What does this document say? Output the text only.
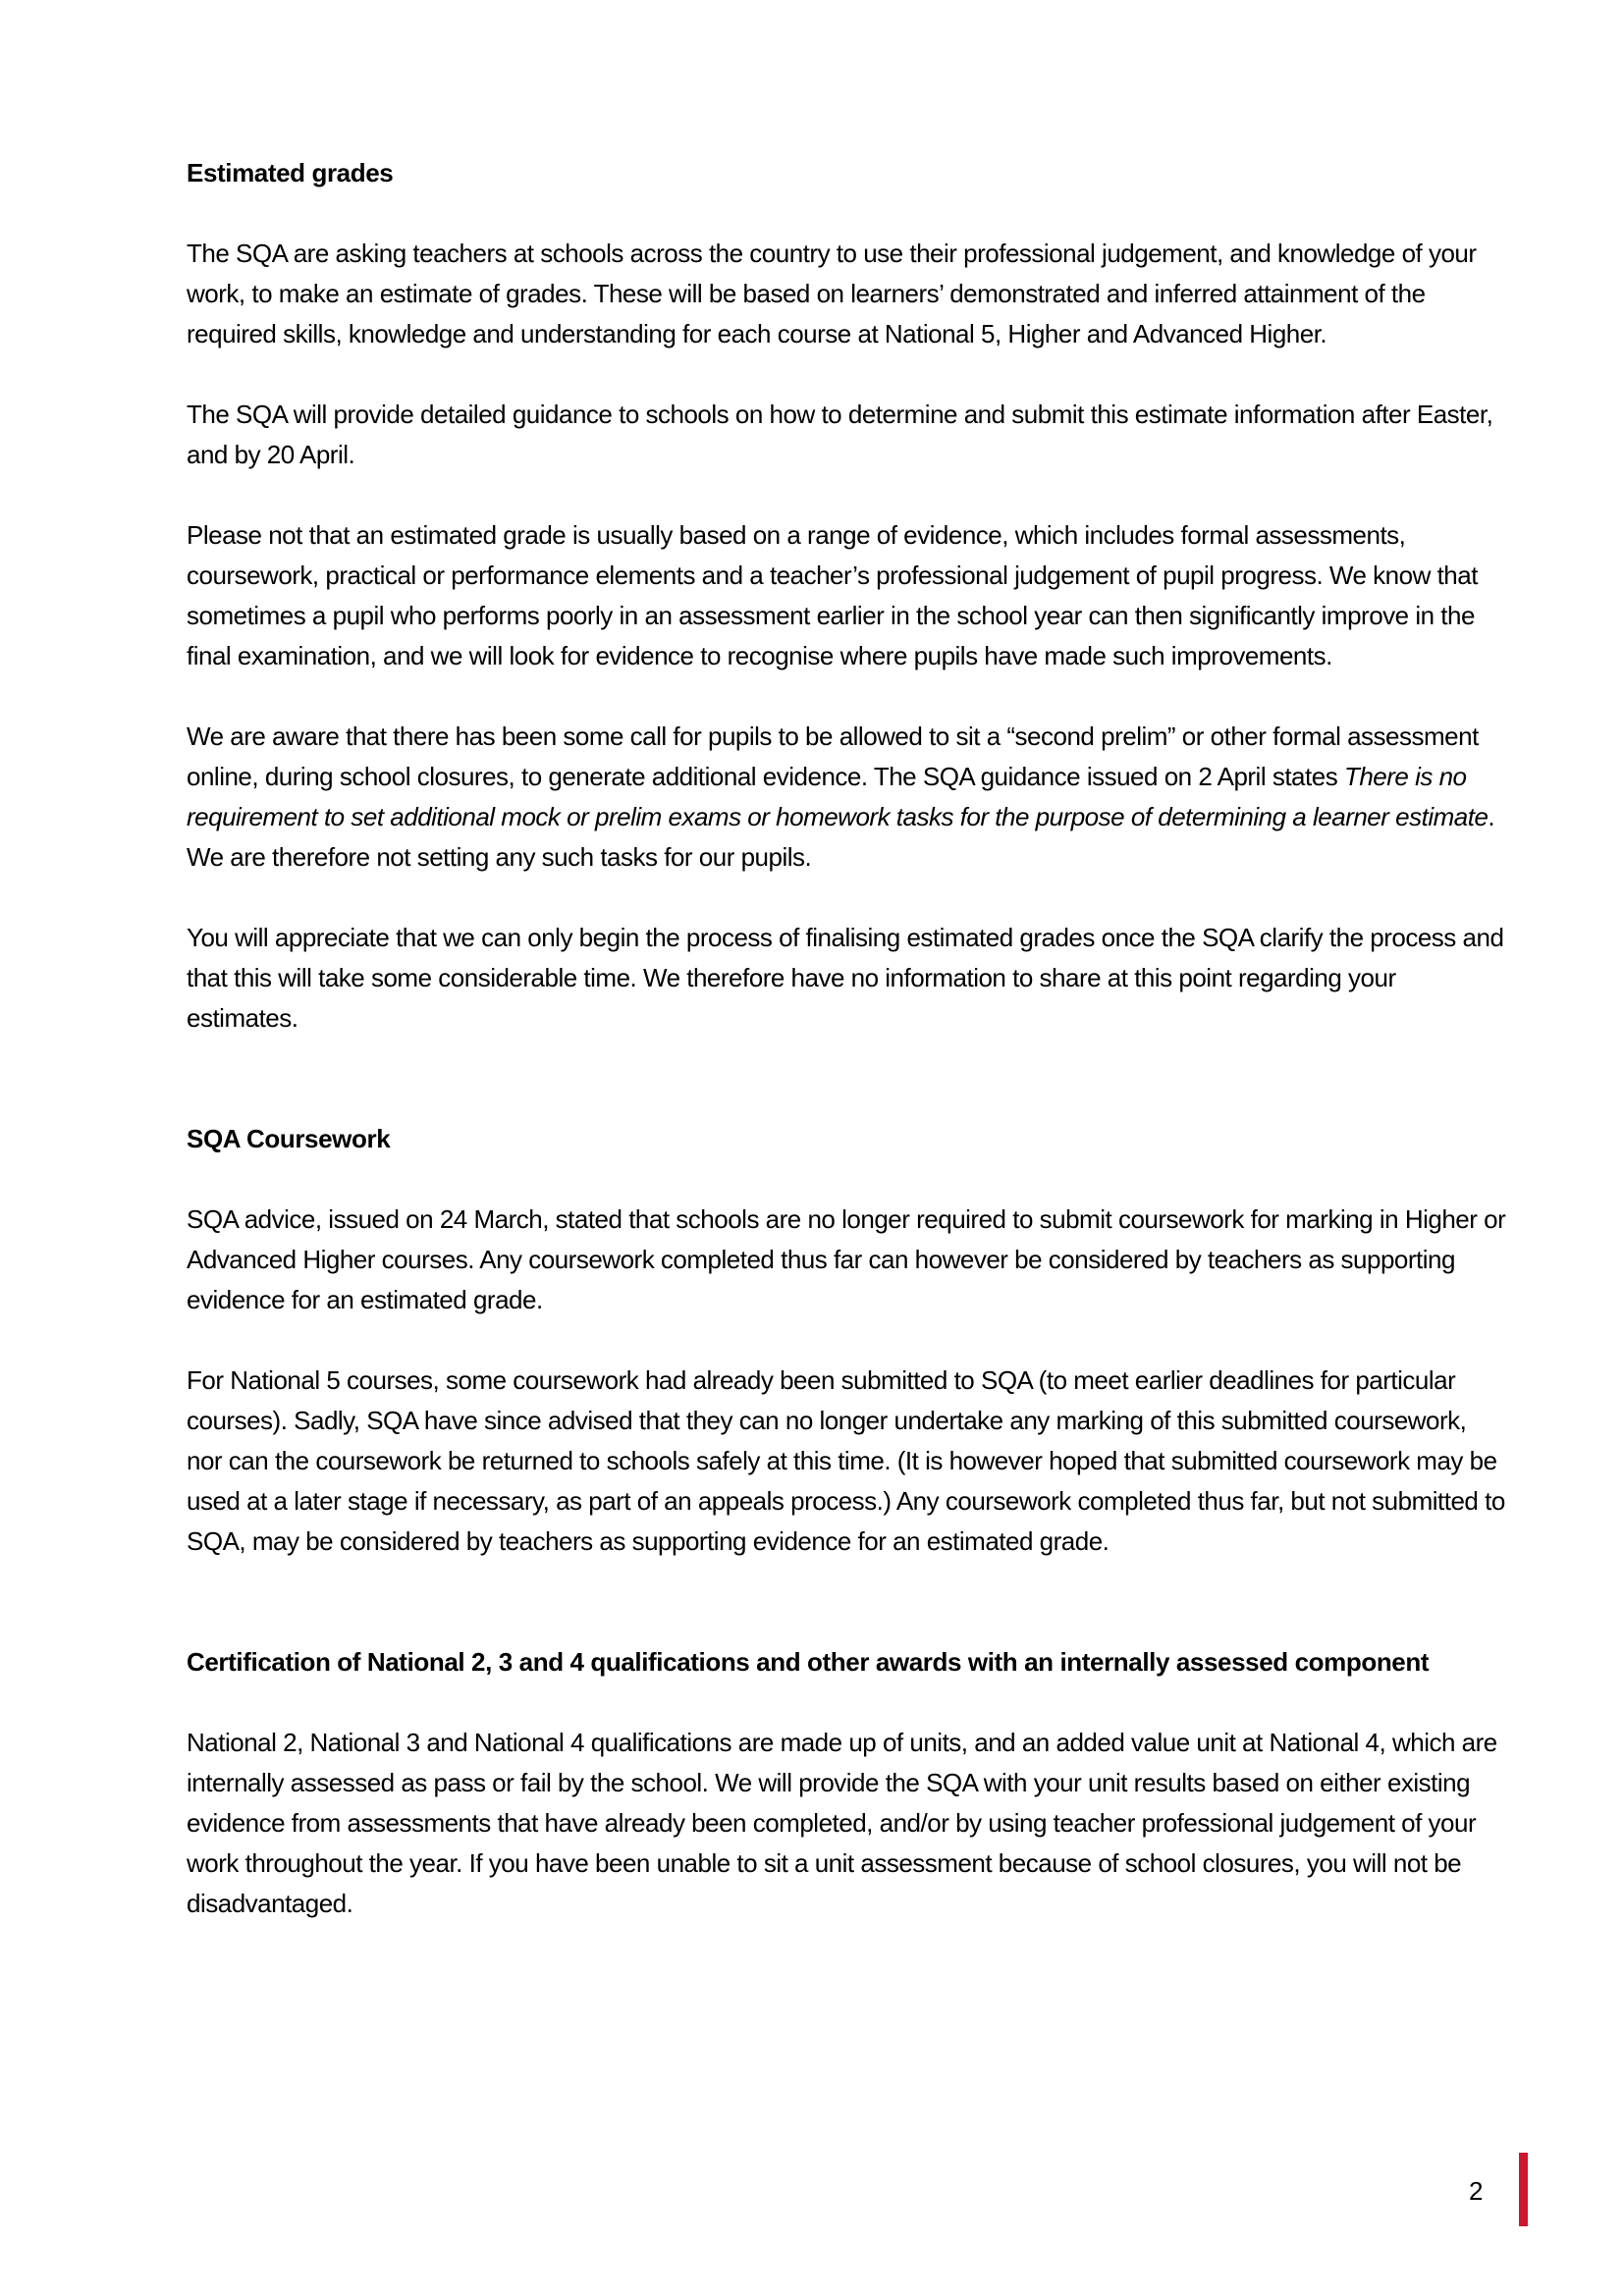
Estimated grades

The SQA are asking teachers at schools across the country to use their professional judgement, and knowledge of your work, to make an estimate of grades. These will be based on learners’ demonstrated and inferred attainment of the required skills, knowledge and understanding for each course at National 5, Higher and Advanced Higher.

The SQA will provide detailed guidance to schools on how to determine and submit this estimate information after Easter, and by 20 April.

Please not that an estimated grade is usually based on a range of evidence, which includes formal assessments, coursework, practical or performance elements and a teacher’s professional judgement of pupil progress. We know that sometimes a pupil who performs poorly in an assessment earlier in the school year can then significantly improve in the final examination, and we will look for evidence to recognise where pupils have made such improvements.

We are aware that there has been some call for pupils to be allowed to sit a “second prelim” or other formal assessment online, during school closures, to generate additional evidence. The SQA guidance issued on 2 April states There is no requirement to set additional mock or prelim exams or homework tasks for the purpose of determining a learner estimate. We are therefore not setting any such tasks for our pupils.

You will appreciate that we can only begin the process of finalising estimated grades once the SQA clarify the process and that this will take some considerable time. We therefore have no information to share at this point regarding your estimates.

SQA Coursework

SQA advice, issued on 24 March, stated that schools are no longer required to submit coursework for marking in Higher or Advanced Higher courses. Any coursework completed thus far can however be considered by teachers as supporting evidence for an estimated grade.

For National 5 courses, some coursework had already been submitted to SQA (to meet earlier deadlines for particular courses). Sadly, SQA have since advised that they can no longer undertake any marking of this submitted coursework, nor can the coursework be returned to schools safely at this time. (It is however hoped that submitted coursework may be used at a later stage if necessary, as part of an appeals process.) Any coursework completed thus far, but not submitted to SQA, may be considered by teachers as supporting evidence for an estimated grade.

Certification of National 2, 3 and 4 qualifications and other awards with an internally assessed component

National 2, National 3 and National 4 qualifications are made up of units, and an added value unit at National 4, which are internally assessed as pass or fail by the school. We will provide the SQA with your unit results based on either existing evidence from assessments that have already been completed, and/or by using teacher professional judgement of your work throughout the year. If you have been unable to sit a unit assessment because of school closures, you will not be disadvantaged.

2
